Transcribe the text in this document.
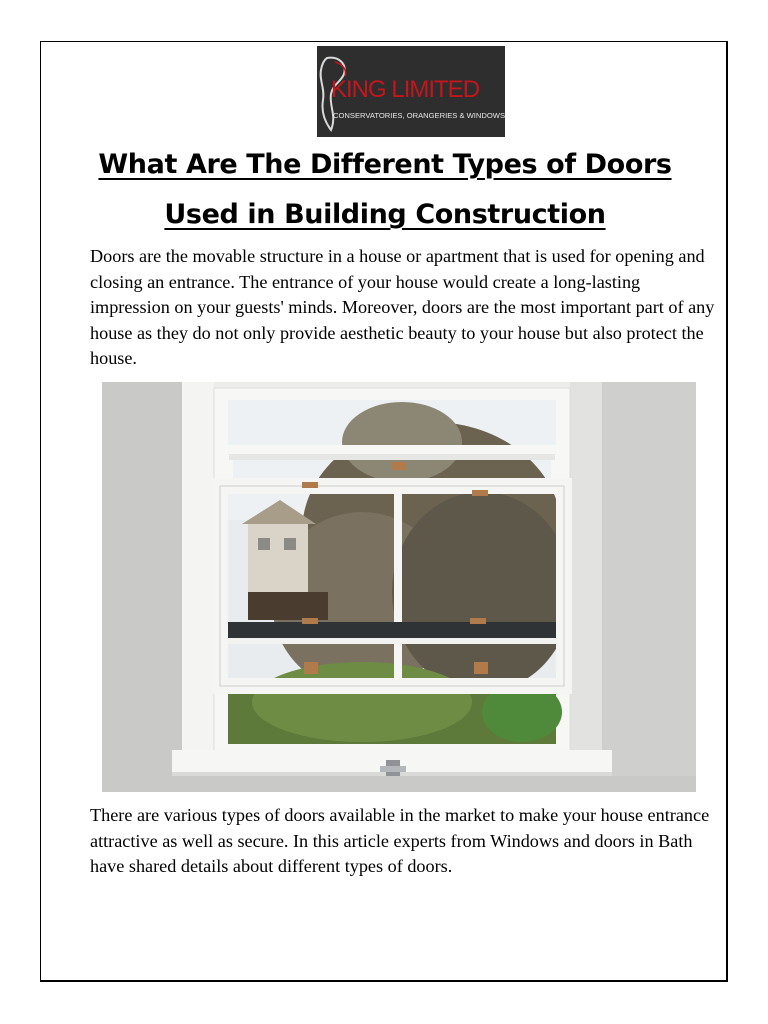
KING LIMITED
CONSERVATORIES, ORANGERIES & WINDOWS
What Are The Different Types of Doors
Used in Building Construction

Doors are the movable structure in a house or apartment that is used for opening and closing an entrance. The entrance of your house would create a long-lasting impression on your guests' minds. Moreover, doors are the most important part of any house as they do not only provide aesthetic beauty to your house but also protect the house.

There are various types of doors available in the market to make your house entrance attractive as well as secure. In this article experts from Windows and doors in Bath have shared details about different types of doors.
